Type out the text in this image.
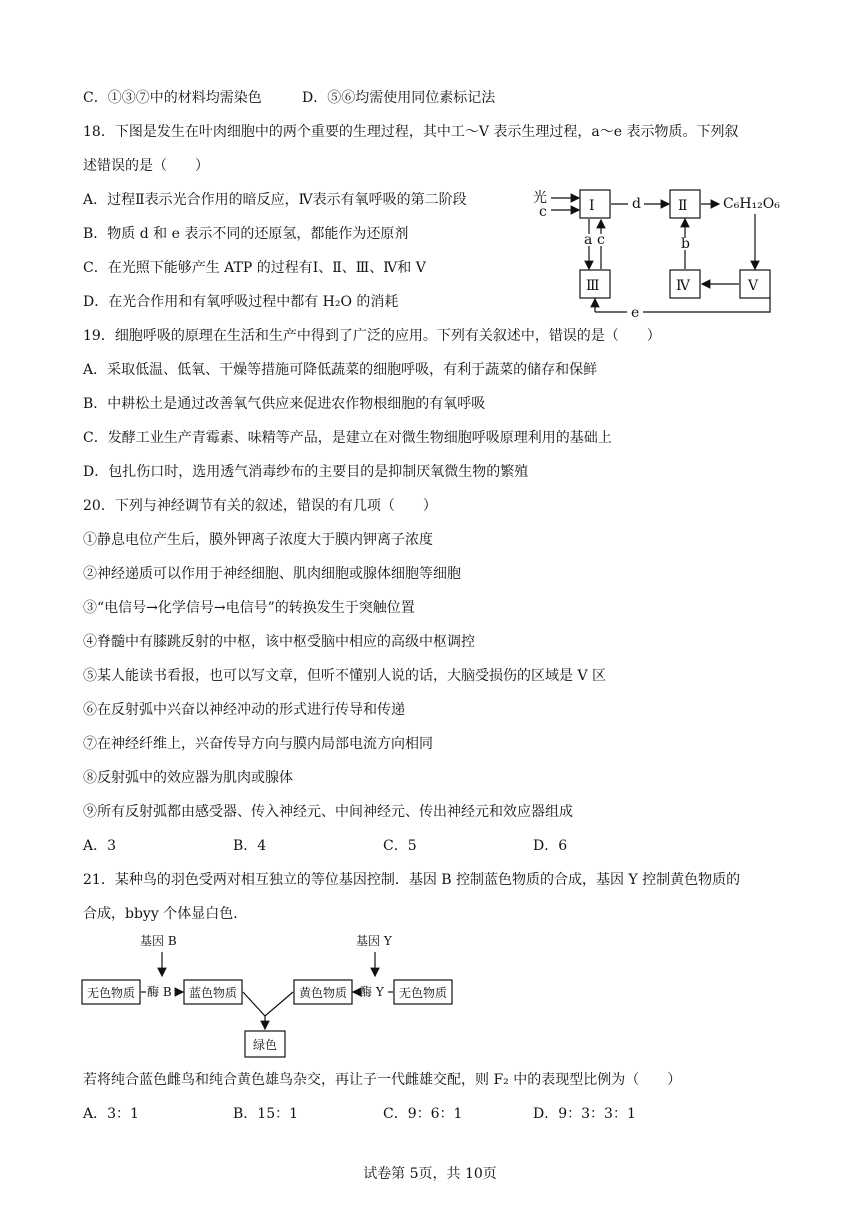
C．①③⑦中的材料均需染色	D．⑤⑥均需使用同位素标记法
18．下图是发生在叶肉细胞中的两个重要的生理过程，其中工～V 表示生理过程，a～e 表示物质。下列叙
述错误的是（　　）
A．过程Ⅱ表示光合作用的暗反应，Ⅳ表示有氧呼吸的第二阶段
B．物质 d 和 e 表示不同的还原氢，都能作为还原剂
C．在光照下能够产生 ATP 的过程有Ⅰ、Ⅱ、Ⅲ、Ⅳ和 V
D．在光合作用和有氧呼吸过程中都有 H₂O 的消耗
光
c	Ⅰ	Ⅱ
Ⅲ	Ⅳ	Ⅴ
d
a c	b
e
C₆H₁₂O₆
19．细胞呼吸的原理在生活和生产中得到了广泛的应用。下列有关叙述中，错误的是（　　）
A．采取低温、低氧、干燥等措施可降低蔬菜的细胞呼吸，有利于蔬菜的储存和保鲜
B．中耕松土是通过改善氧气供应来促进农作物根细胞的有氧呼吸
C．发酵工业生产青霉素、味精等产品，是建立在对微生物细胞呼吸原理利用的基础上
D．包扎伤口时，选用透气消毒纱布的主要目的是抑制厌氧微生物的繁殖
20．下列与神经调节有关的叙述，错误的有几项（　　）
①静息电位产生后，膜外钾离子浓度大于膜内钾离子浓度
②神经递质可以作用于神经细胞、肌肉细胞或腺体细胞等细胞
③“电信号→化学信号→电信号”的转换发生于突触位置
④脊髓中有膝跳反射的中枢，该中枢受脑中相应的高级中枢调控
⑤某人能读书看报，也可以写文章，但听不懂别人说的话，大脑受损伤的区域是 V 区
⑥在反射弧中兴奋以神经冲动的形式进行传导和传递
⑦在神经纤维上，兴奋传导方向与膜内局部电流方向相同
⑧反射弧中的效应器为肌肉或腺体
⑨所有反射弧都由感受器、传入神经元、中间神经元、传出神经元和效应器组成
A．3	B．4	C．5	D．6
21．某种鸟的羽色受两对相互独立的等位基因控制．基因 B 控制蓝色物质的合成，基因 Y 控制黄色物质的
合成，bbyy 个体显白色．
基因 B	基因 Y
酶 B	酶 Y
无色物质	蓝色物质	黄色物质	无色物质
绿色
若将纯合蓝色雌鸟和纯合黄色雄鸟杂交，再让子一代雌雄交配，则 F₂ 中的表现型比例为（　　）
A．3：1	B．15：1	C．9：6：1	D．9：3：3：1
试卷第 5页，共 10页
